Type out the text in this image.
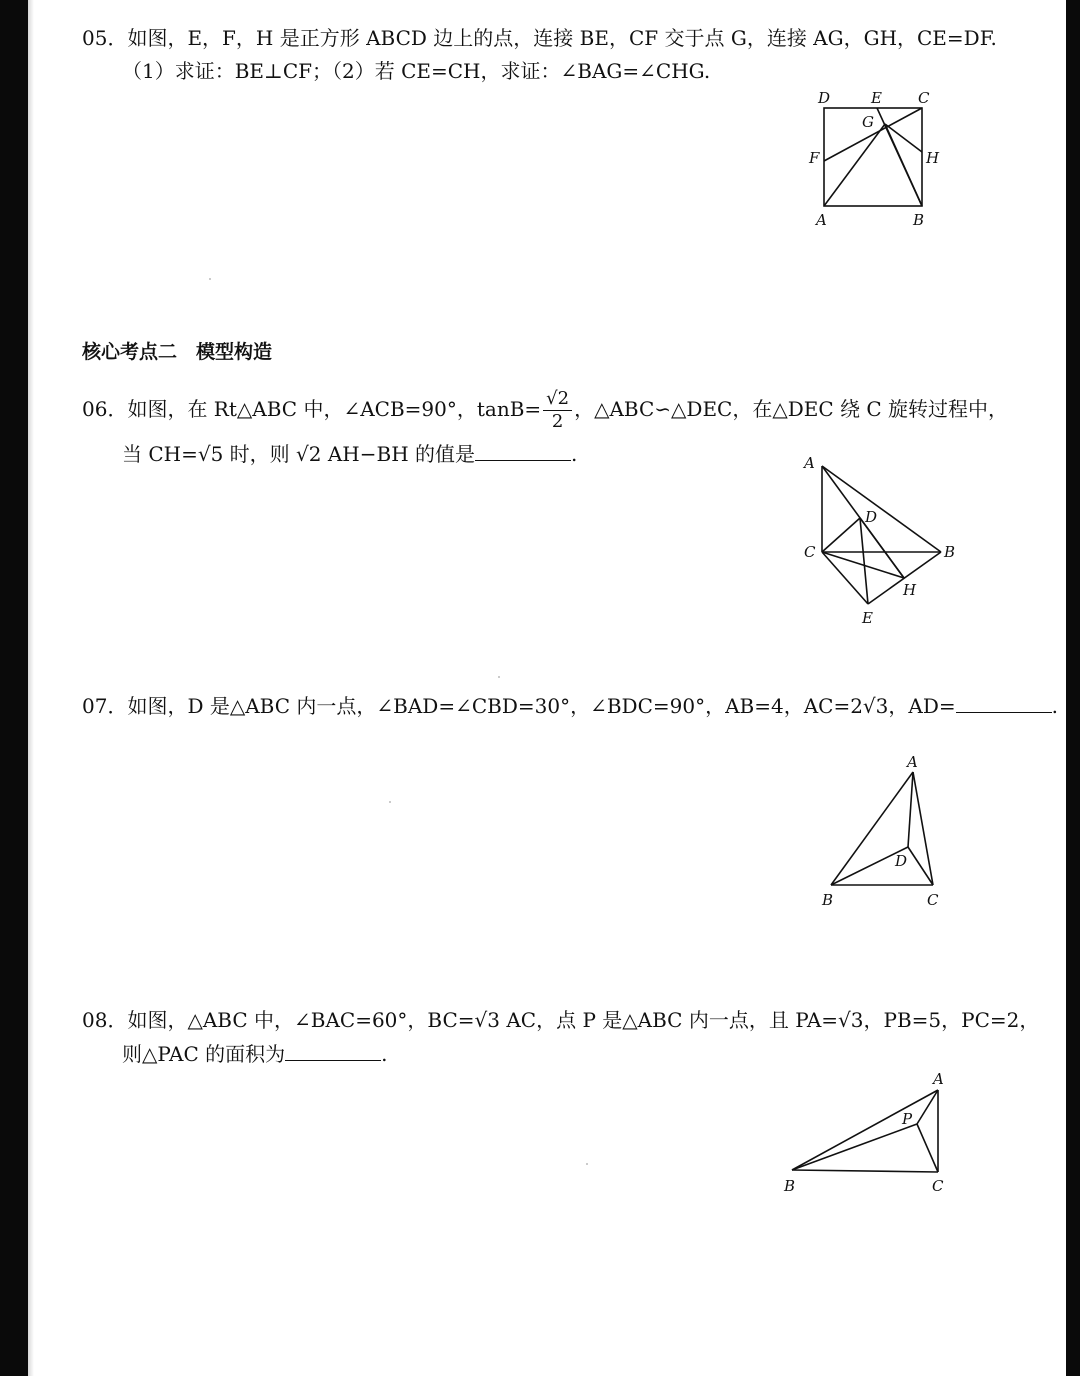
05．如图，E，F，H 是正方形 ABCD 边上的点，连接 BE，CF 交于点 G，连接 AG，GH，CE=DF.
（1）求证：BE⊥CF；（2）若 CE=CH，求证：∠BAG=∠CHG.
D	E C
G
F	H
A	B
核心考点二　模型构造
06．如图，在 Rt△ABC 中，∠ACB=90°，$\tan B= \frac{√2}{2}$ ，△ABC∽△DEC，在△DEC 绕 C 旋转过程中，
当 CH=√5 时，则 √2 AH−BH 的值是	.	A
D
C	B
H
E
07．如图，D 是△ABC 内一点，∠BAD=∠CBD=30°，∠BDC=90°，AB=4，AC=2√3，AD=	.
A
D
B	C
08．如图，△ABC 中，∠BAC=60°，BC=√3 AC，点 P 是△ABC 内一点，且 PA=√3，PB=5，PC=2，
则△PAC 的面积为	.
A
P
B	C
